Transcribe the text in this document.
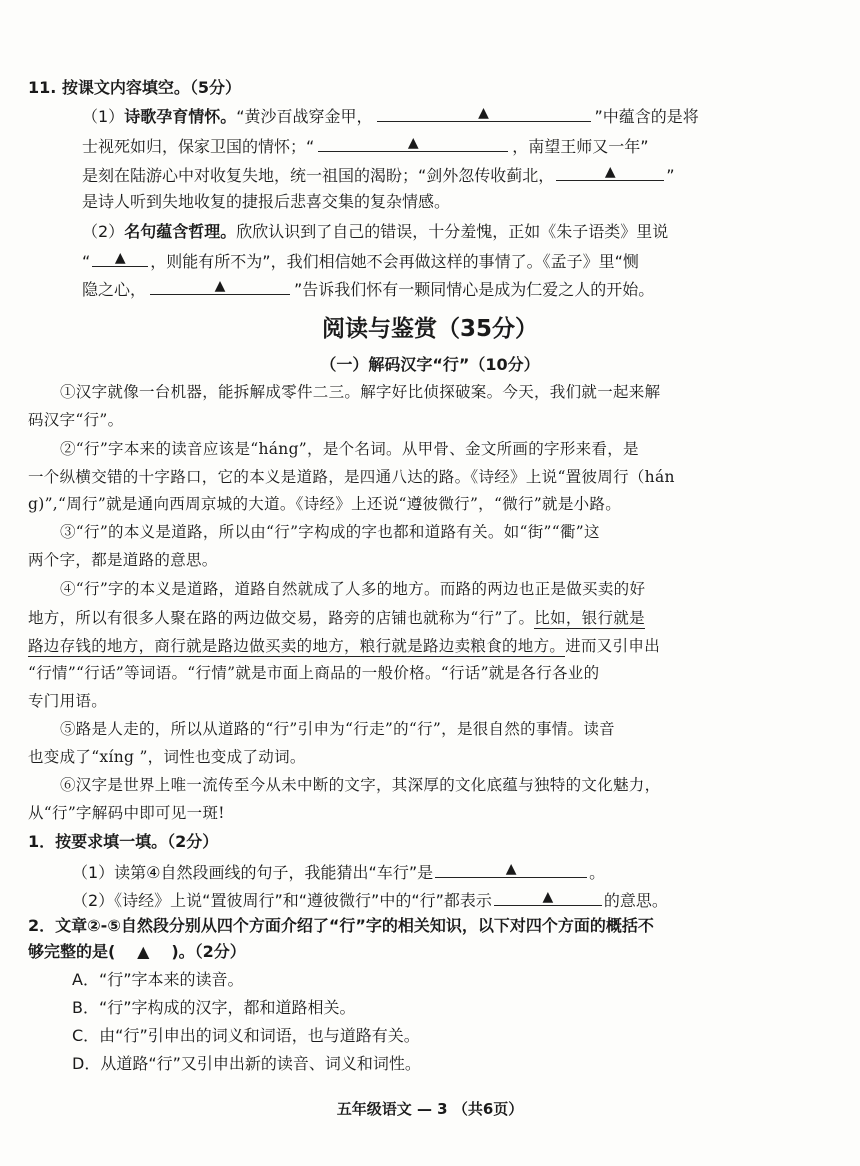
11. 按课文内容填空。（5分）
（1）诗歌孕育情怀。“黄沙百战穿金甲，	▲	”中蕴含的是将
士视死如归，保家卫国的情怀；“	▲	，南望王师又一年”
是刻在陆游心中对收复失地，统一祖国的渴盼；“剑外忽传收蓟北，	▲	”
是诗人听到失地收复的捷报后悲喜交集的复杂情感。
（2）名句蕴含哲理。欣欣认识到了自己的错误，十分羞愧，正如《朱子语类》里说
“ ▲ ，则能有所不为”，我们相信她不会再做这样的事情了。《孟子》里“恻
隐之心，	▲	”告诉我们怀有一颗同情心是成为仁爱之人的开始。
阅读与鉴赏（35分）
（一）解码汉字“行”（10分）
①汉字就像一台机器，能拆解成零件二三。解字好比侦探破案。今天，我们就一起来解
码汉字“行”。
②“行”字本来的读音应该是“háng”，是个名词。从甲骨、金文所画的字形来看，是
一个纵横交错的十字路口，它的本义是道路，是四通八达的路。《诗经》上说“置彼周行（hán
g)”,“周行”就是通向西周京城的大道。《诗经》上还说“遵彼微行”，“微行”就是小路。
③“行”的本义是道路，所以由“行”字构成的字也都和道路有关。如“街”“衢”这
两个字，都是道路的意思。
④“行”字的本义是道路，道路自然就成了人多的地方。而路的两边也正是做买卖的好
地方，所以有很多人聚在路的两边做交易，路旁的店铺也就称为“行”了。比如，银行就是
路边存钱的地方，商行就是路边做买卖的地方，粮行就是路边卖粮食的地方。进而又引申出
“行情”“行话”等词语。“行情”就是市面上商品的一般价格。“行话”就是各行各业的
专门用语。
⑤路是人走的，所以从道路的“行”引申为“行走”的“行”，是很自然的事情。读音
也变成了“xíng ”，词性也变成了动词。
⑥汉字是世界上唯一流传至今从未中断的文字，其深厚的文化底蕴与独特的文化魅力，
从“行”字解码中即可见一斑!
1．按要求填一填。（2分）
（1）读第④自然段画线的句子，我能猜出“车行”是	▲	。
（2）《诗经》上说“置彼周行”和“遵彼微行”中的“行”都表示	▲	的意思。
2．文章②-⑤自然段分别从四个方面介绍了“行”字的相关知识，以下对四个方面的概括不
够完整的是( ▲ )。（2分）
A．“行”字本来的读音。
B．“行”字构成的汉字，都和道路相关。
C．由“行”引申出的词义和词语，也与道路有关。
D．从道路“行”又引申出新的读音、词义和词性。
五年级语文 — 3 （共6页）
